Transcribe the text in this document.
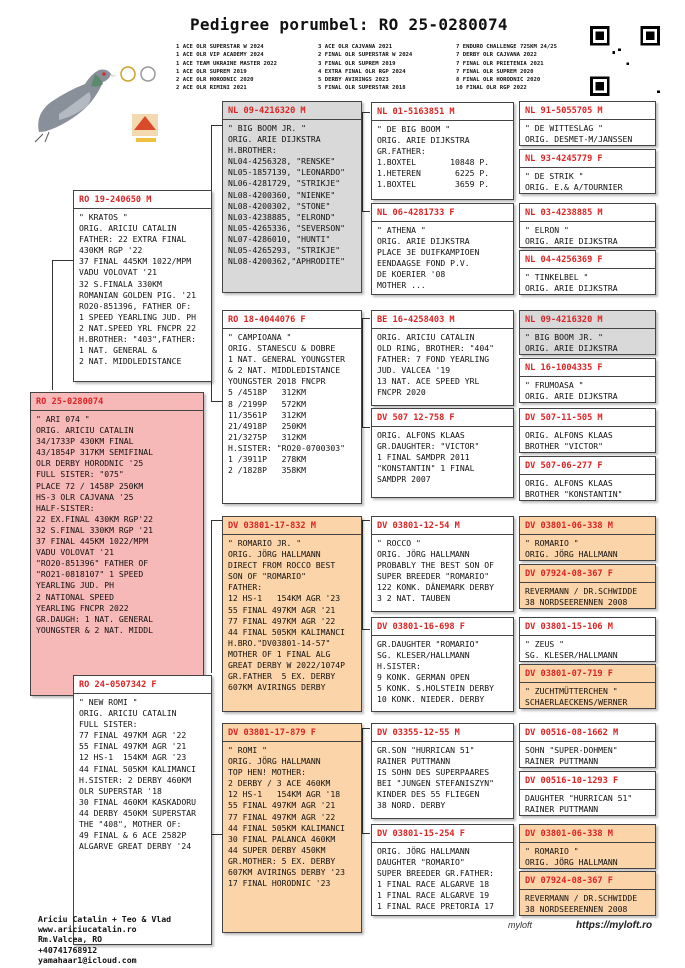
Pedigree porumbel: RO 25-0280074
1 ACE OLR SUPERSTAR W 2024
1 ACE OLR VIP ACADEMY 2024
1 ACE TEAM UKRAINE MASTER 2022
1 ACE OLR SUPREM 2019
2 ACE OLR HORODNIC 2020
2 ACE OLR RIMINI 2021
3 ACE OLR CAJVANA 2021
2 FINAL OLR SUPERSTAR W 2024
3 FINAL OLR SUPREM 2019
4 EXTRA FINAL OLR RGP 2024
5 DERBY AVIRINGS 2023
5 FINAL OLR SUPERSTAR 2018
7 ENDURO CHALLENGE 725KM 24/25
7 DERBY OLR CAJVANA 2022
7 FINAL OLR PRIETENIA 2021
7 FINAL OLR SUPREM 2020
8 FINAL OLR HORODNIC 2020
10 FINAL OLR RGP 2022
RO 25-0280074
" ARI 074 "
ORIG. ARICIU CATALIN
34/1733P 430KM FINAL
43/1854P 317KM SEMIFINAL
OLR DERBY HORODNIC '25
FULL SISTER: "075"
PLACE 72 / 1458P 250KM
HS-3 OLR CAJVANA '25
HALF-SISTER:
22 EX.FINAL 430KM RGP'22
32 S.FINAL 330KM RGP '21
37 FINAL 445KM 1022/MPM
VADU VOLOVAT '21
"RO20-851396" FATHER OF
"RO21-0818107" 1 SPEED
YEARLING JUD. PH
2 NATIONAL SPEED
YEARLING FNCPR 2022
GR.DAUGH: 1 NAT. GENERAL
YOUNGSTER & 2 NAT. MIDDL
RO 19-240650 M
" KRATOS "
ORIG. ARICIU CATALIN
FATHER: 22 EXTRA FINAL
430KM RGP '22
37 FINAL 445KM 1022/MPM
VADU VOLOVAT '21
32 S.FINALA 330KM
ROMANIAN GOLDEN PIG. '21
RO20-851396, FATHER OF:
1 SPEED YEARLING JUD. PH
2 NAT.SPEED YRL FNCPR 22
H.BROTHER: "403",FATHER:
1 NAT. GENERAL &
2 NAT. MIDDLEDISTANCE
RO 24-0507342 F
" NEW ROMI "
ORIG. ARICIU CATALIN
FULL SISTER:
77 FINAL 497KM AGR '22
55 FINAL 497KM AGR '21
12 HS-1  154KM AGR '23
44 FINAL 505KM KALIMANCI
H.SISTER: 2 DERBY 460KM
OLR SUPERSTAR '18
30 FINAL 460KM KASKADORU
44 DERBY 450KM SUPERSTAR
THE "408", MOTHER OF:
49 FINAL & 6 ACE 2582P
ALGARVE GREAT DERBY '24
NL 09-4216320 M
" BIG BOOM JR. "
ORIG. ARIE DIJKSTRA
H.BROTHER:
NL04-4256328, "RENSKE"
NL05-1857139, "LEONARDO"
NL06-4281729, "STRIKJE"
NL08-4200360, "NIENKE"
NL08-4200302, "STONE"
NL03-4238885, "ELROND"
NL05-4265336, "SEVERSON"
NL07-4286010, "HUNTI"
NL05-4265293, "STRIKJE"
NL08-4200362,"APHRODITE"
RO 18-4044076 F
" CAMPIOANA "
ORIG. STANESCU & DOBRE
1 NAT. GENERAL YOUNGSTER
& 2 NAT. MIDDLEDISTANCE
YOUNGSTER 2018 FNCPR
5 /4518P   312KM
8 /2199P   572KM
11/3561P   312KM
21/4918P   250KM
21/3275P   312KM
H.SISTER: "RO20-0700303"
1 /3911P   278KM
2 /1828P   358KM
DV 03801-17-832 M
" ROMARIO JR. "
ORIG. JÖRG HALLMANN
DIRECT FROM ROCCO BEST
SON OF "ROMARIO"
FATHER:
12 HS-1   154KM AGR '23
55 FINAL 497KM AGR '21
77 FINAL 497KM AGR '22
44 FINAL 505KM KALIMANCI
H.BRO."DV03801-14-57"
MOTHER OF 1 FINAL ALG
GREAT DERBY W 2022/1074P
GR.FATHER  5 EX. DERBY
607KM AVIRINGS DERBY
DV 03801-17-879 F
" ROMI "
ORIG. JÖRG HALLMANN
TOP HEN! MOTHER:
2 DERBY / 3 ACE 460KM
12 HS-1   154KM AGR '18
55 FINAL 497KM AGR '21
77 FINAL 497KM AGR '22
44 FINAL 505KM KALIMANCI
30 FINAL PALANCA 460KM
44 SUPER DERBY 450KM
GR.MOTHER: 5 EX. DERBY
607KM AVIRINGS DERBY '23
17 FINAL HORODNIC '23
NL 01-5163851 M
" DE BIG BOOM "
ORIG. ARIE DIJKSTRA
GR.FATHER:
1.BOXTEL       10848 P.
1.HETEREN       6225 P.
1.BOXTEL        3659 P.
NL 06-4281733 F
" ATHENA "
ORIG. ARIE DIJKSTRA
PLACE 3E DUIFKAMPIOEN
EENDAAGSE FOND P.V.
DE KOERIER '08
MOTHER ...
BE 16-4258403 M
ORIG. ARICIU CATALIN
OLD RING, BROTHER: "404"
FATHER: 7 FOND YEARLING
JUD. VALCEA '19
13 NAT. ACE SPEED YRL
FNCPR 2020
DV 507 12-758 F
ORIG. ALFONS KLAAS
GR.DAUGHTER: "VICTOR"
1 FINAL SAMDPR 2011
"KONSTANTIN" 1 FINAL
SAMDPR 2007
DV 03801-12-54 M
" ROCCO "
ORIG. JÖRG HALLMANN
PROBABLY THE BEST SON OF
SUPER BREEDER "ROMARIO"
122 KONK. DÄNEMARK DERBY
3 2 NAT. TAUBEN
DV 03801-16-698 F
GR.DAUGHTER "ROMARIO"
SG. KLESER/HALLMANN
H.SISTER:
9 KONK. GERMAN OPEN
5 KONK. S.HOLSTEIN DERBY
10 KONK. NIEDER. DERBY
DV 03355-12-55 M
GR.SON "HURRICAN 51"
RAINER PUTTMANN
IS SOHN DES SUPERPAARES
BEI "JUNGEN STEFANISZYN"
KINDER DES 55 FLIEGEN
38 NORD. DERBY
DV 03801-15-254 F
ORIG. JÖRG HALLMANN
DAUGHTER "ROMARIO"
SUPER BREEDER GR.FATHER:
1 FINAL RACE ALGARVE 18
1 FINAL RACE ALGARVE 19
1 FINAL RACE PRETORIA 17
NL 91-5055705 M
" DE WITTESLAG "
ORIG. DESMET-M/JANSSEN
NL 93-4245779 F
" DE STRIK "
ORIG. E.& A/TOURNIER
NL 03-4238885 M
" ELRON "
ORIG. ARIE DIJKSTRA
NL 04-4256369 F
" TINKELBEL "
ORIG. ARIE DIJKSTRA
NL 09-4216320 M
" BIG BOOM JR. "
ORIG. ARIE DIJKSTRA
NL 16-1004335 F
" FRUMOASA "
ORIG. ARIE DIJKSTRA
DV 507-11-505 M
ORIG. ALFONS KLAAS
BROTHER "VICTOR"
DV 507-06-277 F
ORIG. ALFONS KLAAS
BROTHER "KONSTANTIN"
DV 03801-06-338 M
" ROMARIO "
ORIG. JÖRG HALLMANN
DV 07924-08-367 F
REVERMANN / DR.SCHWIDDE
38 NORDSEERENNEN 2008
DV 03801-15-106 M
" ZEUS "
SG. KLESER/HALLMANN
DV 03801-07-719 F
" ZUCHTMÜTTERCHEN "
SCHAERLAECKENS/WERNER
DV 00516-08-1662 M
SOHN "SUPER-DOHMEN"
RAINER PUTTMANN
DV 00516-10-1293 F
DAUGHTER "HURRICAN 51"
RAINER PUTTMANN
DV 03801-06-338 M
" ROMARIO "
ORIG. JÖRG HALLMANN
DV 07924-08-367 F
REVERMANN / DR.SCHWIDDE
38 NORDSEERENNEN 2008
Ariciu Catalin + Teo & Vlad
www.ariciucatalin.ro
Rm.Valcea, RO
+40741768912
yamahaar1@icloud.com
myloft	https://myloft.ro
